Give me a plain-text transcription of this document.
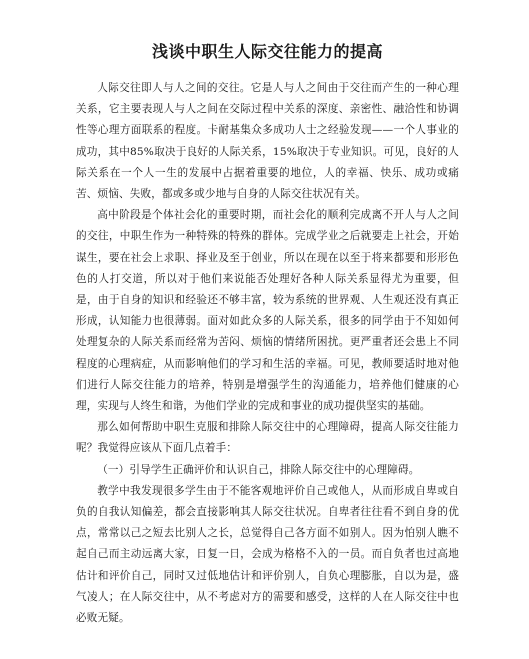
浅谈中职生人际交往能力的提高

人际交往即人与人之间的交往。它是人与人之间由于交往而产生的一种心理关系，它主要表现人与人之间在交际过程中关系的深度、亲密性、融洽性和协调性等心理方面联系的程度。卡耐基集众多成功人士之经验发现——一个人事业的成功，其中85%取决于良好的人际关系，15%取决于专业知识。可见，良好的人际关系在一个人一生的发展中占据着重要的地位，人的幸福、快乐、成功或痛苦、烦恼、失败，都或多或少地与自身的人际交往状况有关。

高中阶段是个体社会化的重要时期，而社会化的顺利完成离不开人与人之间的交往，中职生作为一种特殊的特殊的群体。完成学业之后就要走上社会，开始谋生，要在社会上求职、择业及至于创业，所以在现在以至于将来都要和形形色色的人打交道，所以对于他们来说能否处理好各种人际关系显得尤为重要，但是，由于自身的知识和经验还不够丰富，较为系统的世界观、人生观还没有真正形成，认知能力也很薄弱。面对如此众多的人际关系，很多的同学由于不知如何处理复杂的人际关系而经常为苦闷、烦恼的情绪所困扰。更严重者还会患上不同程度的心理病症，从而影响他们的学习和生活的幸福。可见，教师要适时地对他们进行人际交往能力的培养，特别是增强学生的沟通能力，培养他们健康的心理，实现与人终生和谐，为他们学业的完成和事业的成功提供坚实的基础。

那么如何帮助中职生克服和排除人际交往中的心理障碍，提高人际交往能力呢？我觉得应该从下面几点着手：

（一）引导学生正确评价和认识自己，排除人际交往中的心理障碍。

教学中我发现很多学生由于不能客观地评价自己或他人，从而形成自卑或自负的自我认知偏差，都会直接影响其人际交往状况。自卑者往往看不到自身的优点，常常以己之短去比别人之长，总觉得自己各方面不如别人。因为怕别人瞧不起自己而主动远离大家，日复一日，会成为格格不入的一员。而自负者也过高地估计和评价自己，同时又过低地估计和评价别人，自负心理膨胀，自以为是，盛气凌人；在人际交往中，从不考虑对方的需要和感受，这样的人在人际交往中也必败无疑。
